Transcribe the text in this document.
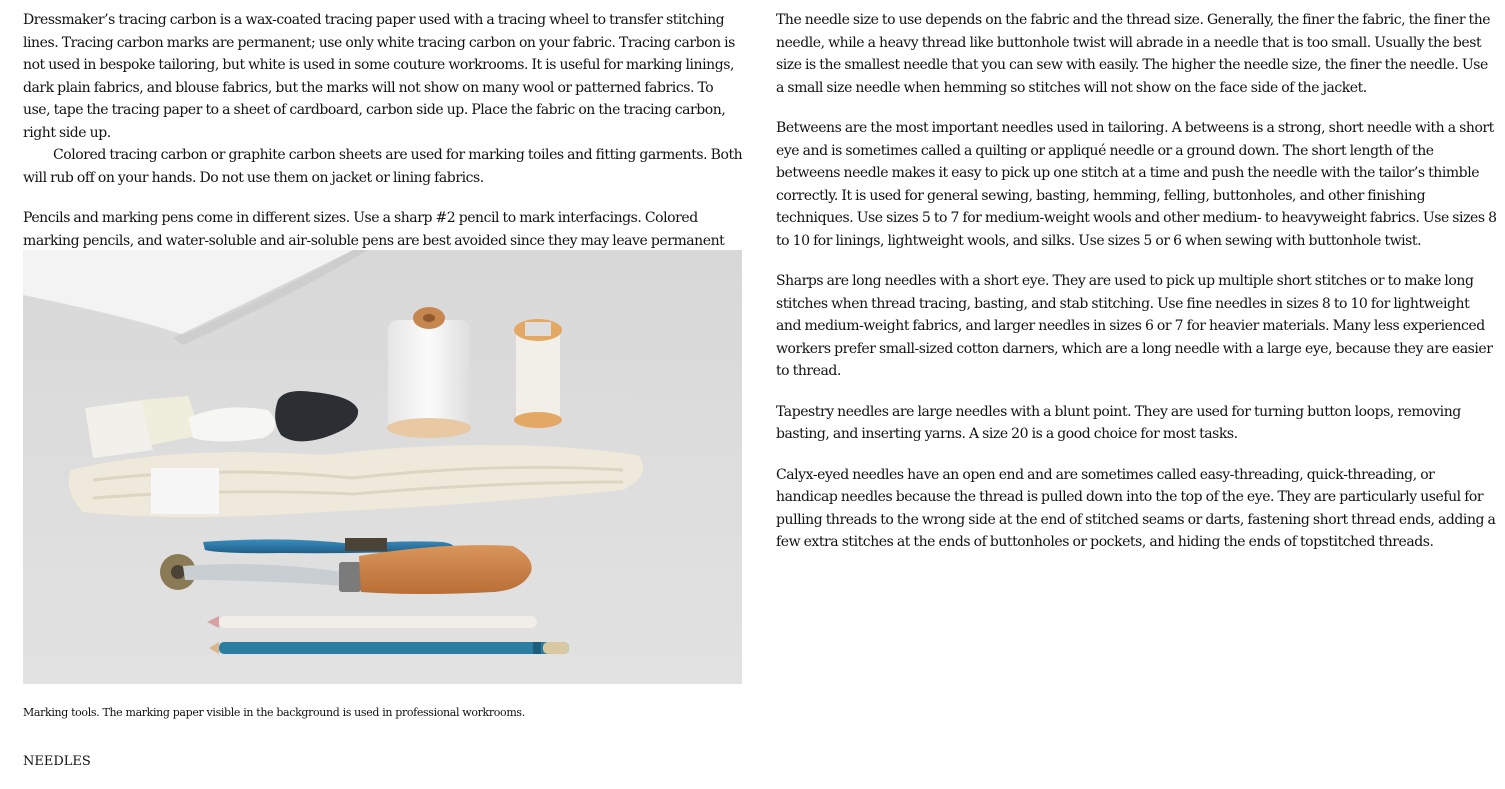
Dressmaker’s tracing carbon is a wax-coated tracing paper used with a tracing wheel to transfer stitching lines. Tracing carbon marks are permanent; use only white tracing carbon on your fabric. Tracing carbon is not used in bespoke tailoring, but white is used in some couture workrooms. It is useful for marking linings, dark plain fabrics, and blouse fabrics, but the marks will not show on many wool or patterned fabrics. To use, tape the tracing paper to a sheet of cardboard, carbon side up. Place the fabric on the tracing carbon, right side up.

Colored tracing carbon or graphite carbon sheets are used for marking toiles and fitting garments. Both will rub off on your hands. Do not use them on jacket or lining fabrics.

Pencils and marking pens come in different sizes. Use a sharp #2 pencil to mark interfacings. Colored marking pencils, and water-soluble and air-soluble pens are best avoided since they may leave permanent

Marking tools. The marking paper visible in the background is used in professional workrooms.
NEEDLES

The needle size to use depends on the fabric and the thread size. Generally, the finer the fabric, the finer the needle, while a heavy thread like buttonhole twist will abrade in a needle that is too small. Usually the best size is the smallest needle that you can sew with easily. The higher the needle size, the finer the needle. Use a small size needle when hemming so stitches will not show on the face side of the jacket.

Betweens are the most important needles used in tailoring. A betweens is a strong, short needle with a short eye and is sometimes called a quilting or appliqué needle or a ground down. The short length of the betweens needle makes it easy to pick up one stitch at a time and push the needle with the tailor’s thimble correctly. It is used for general sewing, basting, hemming, felling, buttonholes, and other finishing techniques. Use sizes 5 to 7 for medium-weight wools and other medium- to heavyweight fabrics. Use sizes 8 to 10 for linings, lightweight wools, and silks. Use sizes 5 or 6 when sewing with buttonhole twist.

Sharps are long needles with a short eye. They are used to pick up multiple short stitches or to make long stitches when thread tracing, basting, and stab stitching. Use fine needles in sizes 8 to 10 for lightweight and medium-weight fabrics, and larger needles in sizes 6 or 7 for heavier materials. Many less experienced workers prefer small-sized cotton darners, which are a long needle with a large eye, because they are easier to thread.

Tapestry needles are large needles with a blunt point. They are used for turning button loops, removing basting, and inserting yarns. A size 20 is a good choice for most tasks.

Calyx-eyed needles have an open end and are sometimes called easy-threading, quick-threading, or handicap needles because the thread is pulled down into the top of the eye. They are particularly useful for pulling threads to the wrong side at the end of stitched seams or darts, fastening short thread ends, adding a few extra stitches at the ends of buttonholes or pockets, and hiding the ends of topstitched threads.
